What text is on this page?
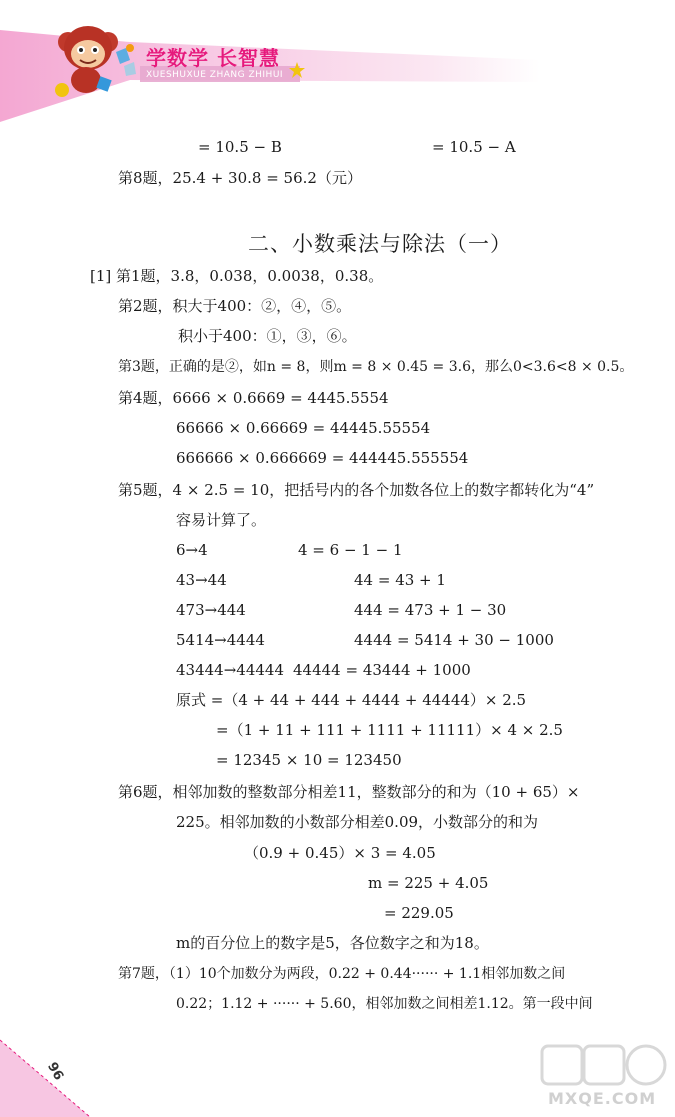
学数学 长智慧
XUESHUXUE ZHANG ZHIHUI
= 10.5 − B	= 10.5 − A
第8题，25.4 + 30.8 = 56.2（元）
二、小数乘法与除法（一）
[1] 第1题，3.8，0.038，0.0038，0.38。
第2题，积大于400：②，④，⑤。
积小于400：①，③，⑥。
第3题，正确的是②，如n = 8，则m = 8 × 0.45 = 3.6，那么0<3.6<8 × 0.5。
第4题，6666 × 0.6669 = 4445.5554
66666 × 0.66669 = 44445.55554
666666 × 0.666669 = 444445.555554
第5题，4 × 2.5 = 10，把括号内的各个加数各位上的数字都转化为“4”
容易计算了。
6→4	4 = 6 − 1 − 1
43→44	44 = 43 + 1
473→444	444 = 473 + 1 − 30
5414→4444	4444 = 5414 + 30 − 1000
43444→44444 44444 = 43444 + 1000
原式 =（4 + 44 + 444 + 4444 + 44444）× 2.5
=（1 + 11 + 111 + 1111 + 11111）× 4 × 2.5
= 12345 × 10 = 123450
第6题，相邻加数的整数部分相差11，整数部分的和为（10 + 65）×
225。相邻加数的小数部分相差0.09，小数部分的和为
（0.9 + 0.45）× 3 = 4.05
m = 225 + 4.05
= 229.05
m的百分位上的数字是5，各位数字之和为18。
第7题，（1）10个加数分为两段，0.22 + 0.44······ + 1.1相邻加数之间
0.22；1.12 + ······ + 5.60，相邻加数之间相差1.12。第一段中间
96
MXQE.COM
